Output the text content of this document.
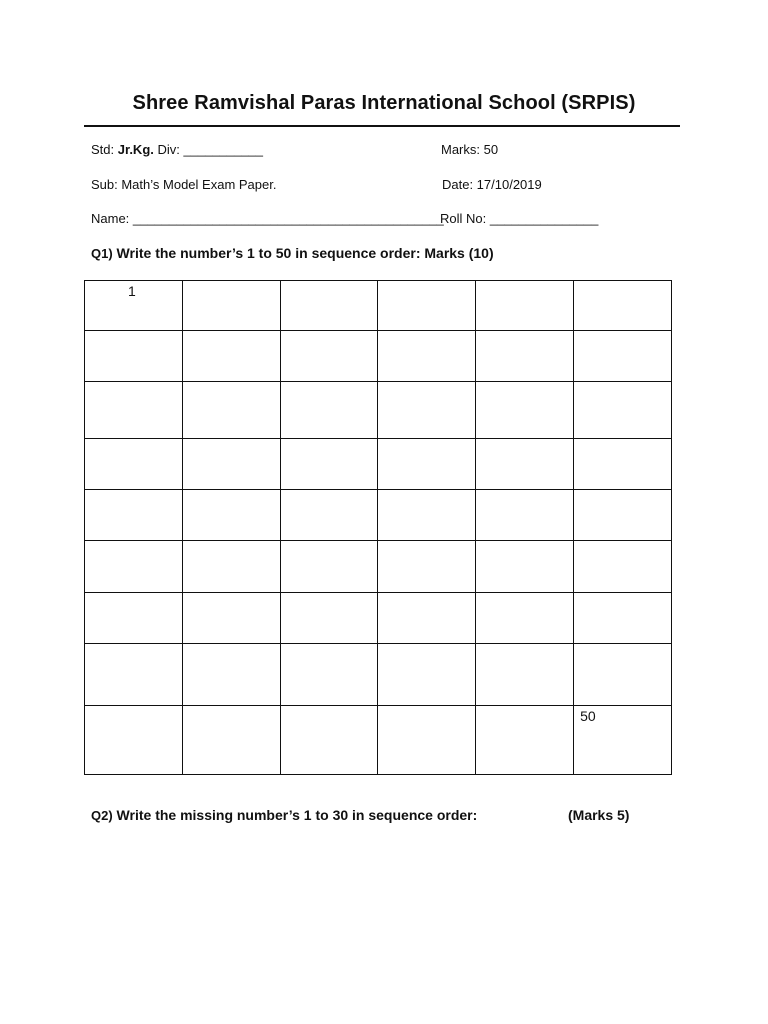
Shree Ramvishal Paras International School (SRPIS)
Std: Jr.Kg. Div: ___________	Marks: 50
Sub: Math’s Model Exam Paper.	Date: 17/10/2019
Name: ___________________________________________
Roll No: _______________
Q1) Write the number’s 1 to 50 in sequence order: Marks (10)
1					

					50
Q2) Write the missing number’s 1 to 30 in sequence order:	(Marks 5)
